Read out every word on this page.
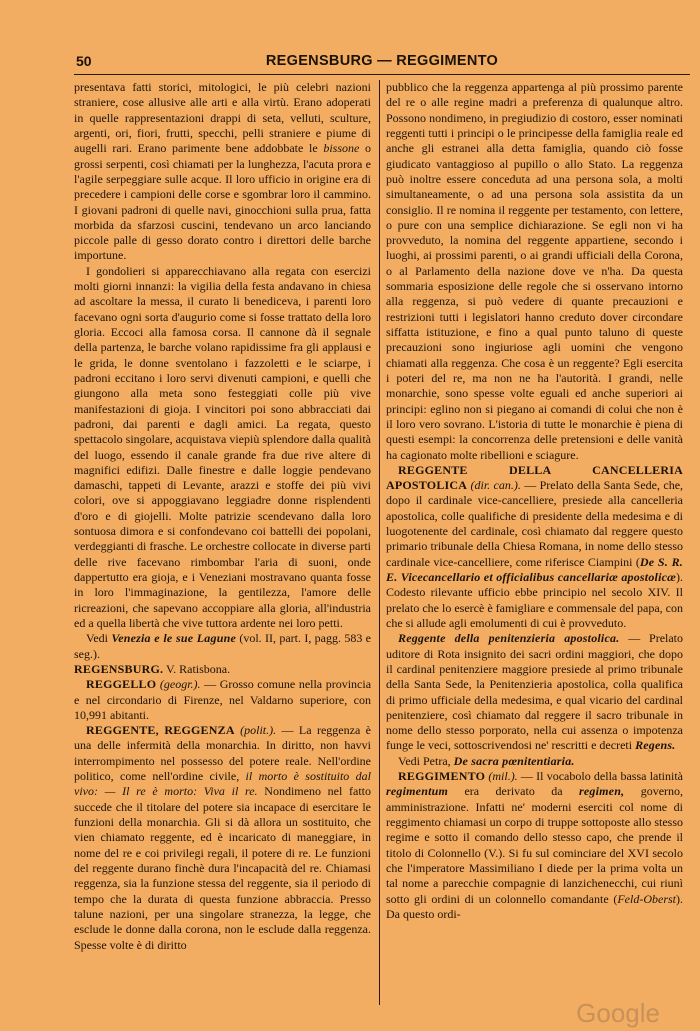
50	REGENSBURG — REGGIMENTO

presentava fatti storici, mitologici, le più celebri nazioni straniere, cose allusive alle arti e alla virtù. Erano adoperati in quelle rappresentazioni drappi di seta, velluti, sculture, argenti, ori, fiori, frutti, specchi, pelli straniere e piume di augelli rari. Erano parimente bene addobbate le bissone o grossi serpenti, così chiamati per la lunghezza, l'acuta prora e l'agile serpeggiare sulle acque. Il loro ufficio in origine era di precedere i campioni delle corse e sgombrar loro il cammino. I giovani padroni di quelle navi, ginocchioni sulla prua, fatta morbida da sfarzosi cuscini, tendevano un arco lanciando piccole palle di gesso dorato contro i direttori delle barche importune.

I gondolieri si apparecchiavano alla regata con esercizi molti giorni innanzi: la vigilia della festa andavano in chiesa ad ascoltare la messa, il curato li benediceva, i parenti loro facevano ogni sorta d'augurio come si fosse trattato della loro gloria. Eccoci alla famosa corsa. Il cannone dà il segnale della partenza, le barche volano rapidissime fra gli applausi e le grida, le donne sventolano i fazzoletti e le sciarpe, i padroni eccitano i loro servi divenuti campioni, e quelli che giungono alla meta sono festeggiati colle più vive manifestazioni di gioja. I vincitori poi sono abbracciati dai padroni, dai parenti e dagli amici. La regata, questo spettacolo singolare, acquistava viepiù splendore dalla qualità del luogo, essendo il canale grande fra due rive altere di magnifici edifizi. Dalle finestre e dalle loggie pendevano damaschi, tappeti di Levante, arazzi e stoffe dei più vivi colori, ove si appoggiavano leggiadre donne risplendenti d'oro e di giojelli. Molte patrizie scendevano dalla loro sontuosa dimora e si confondevano coi battelli dei popolani, verdeggianti di frasche. Le orchestre collocate in diverse parti delle rive facevano rimbombar l'aria di suoni, onde dappertutto era gioja, e i Veneziani mostravano quanta fosse in loro l'immaginazione, la gentilezza, l'amore delle ricreazioni, che sapevano accoppiare alla gloria, all'industria ed a quella libertà che vive tuttora ardente nei loro petti.

Vedi Venezia e le sue Lagune (vol. II, part. I, pagg. 583 e seg.).

REGENSBURG. V. Ratisbona.

REGGELLO (geogr.). — Grosso comune nella provincia e nel circondario di Firenze, nel Valdarno superiore, con 10,991 abitanti.

REGGENTE, REGGENZA (polit.). — La reggenza è una delle infermità della monarchia. In diritto, non havvi interrompimento nel possesso del potere reale. Nell'ordine politico, come nell'ordine civile, il morto è sostituito dal vivo: — Il re è morto: Viva il re. Nondimeno nel fatto succede che il titolare del potere sia incapace di esercitare le funzioni della monarchia. Gli si dà allora un sostituito, che vien chiamato reggente, ed è incaricato di maneggiare, in nome del re e coi privilegi regali, il potere di re. Le funzioni del reggente durano finchè dura l'incapacità del re. Chiamasi reggenza, sia la funzione stessa del reggente, sia il periodo di tempo che la durata di questa funzione abbraccia. Presso talune nazioni, per una singolare stranezza, la legge, che esclude le donne dalla corona, non le esclude dalla reggenza. Spesse volte è di diritto

pubblico che la reggenza appartenga al più prossimo parente del re o alle regine madri a preferenza di qualunque altro. Possono nondimeno, in pregiudizio di costoro, esser nominati reggenti tutti i principi o le principesse della famiglia reale ed anche gli estranei alla detta famiglia, quando ciò fosse giudicato vantaggioso al pupillo o allo Stato. La reggenza può inoltre essere conceduta ad una persona sola, a molti simultaneamente, o ad una persona sola assistita da un consiglio. Il re nomina il reggente per testamento, con lettere, o pure con una semplice dichiarazione. Se egli non vi ha provveduto, la nomina del reggente appartiene, secondo i luoghi, ai prossimi parenti, o ai grandi ufficiali della Corona, o al Parlamento della nazione dove ve n'ha. Da questa sommaria esposizione delle regole che si osservano intorno alla reggenza, si può vedere di quante precauzioni e restrizioni tutti i legislatori hanno creduto dover circondare siffatta istituzione, e fino a qual punto taluno di queste precauzioni sono ingiuriose agli uomini che vengono chiamati alla reggenza. Che cosa è un reggente? Egli esercita i poteri del re, ma non ne ha l'autorità. I grandi, nelle monarchie, sono spesse volte eguali ed anche superiori ai principi: eglino non si piegano ai comandi di colui che non è il loro vero sovrano. L'istoria di tutte le monarchie è piena di questi esempi: la concorrenza delle pretensioni e delle vanità ha cagionato molte ribellioni e sciagure.

REGGENTE DELLA CANCELLERIA APOSTOLICA (dir. can.). — Prelato della Santa Sede, che, dopo il cardinale vice-cancelliere, presiede alla cancelleria apostolica, colle qualifiche di presidente della medesima e di luogotenente del cardinale, così chiamato dal reggere questo primario tribunale della Chiesa Romana, in nome dello stesso cardinale vice-cancelliere, come riferisce Ciampini (De S. R. E. Vicecancellario et officialibus cancellariæ apostolicæ). Codesto rilevante ufficio ebbe principio nel secolo XIV. Il prelato che lo esercè è famigliare e commensale del papa, con che si allude agli emolumenti di cui è provveduto.

Reggente della penitenzieria apostolica. — Prelato uditore di Rota insignito dei sacri ordini maggiori, che dopo il cardinal penitenziere maggiore presiede al primo tribunale della Santa Sede, la Penitenzieria apostolica, colla qualifica di primo ufficiale della medesima, e qual vicario del cardinal penitenziere, così chiamato dal reggere il sacro tribunale in nome dello stesso porporato, nella cui assenza o impotenza funge le veci, sottoscrivendosi ne' rescritti e decreti Regens.

Vedi Petra, De sacra pœnitentiaria.

REGGIMENTO (mil.). — Il vocabolo della bassa latinità regimentum era derivato da regimen, governo, amministrazione. Infatti ne' moderni eserciti col nome di reggimento chiamasi un corpo di truppe sottoposte allo stesso regime e sotto il comando dello stesso capo, che prende il titolo di Colonnello (V.). Si fu sul cominciare del XVI secolo che l'imperatore Massimiliano I diede per la prima volta un tal nome a parecchie compagnie di lanzichenecchi, cui riunì sotto gli ordini di un colonnello comandante (Feld-Oberst). Da questo ordi-

Google
